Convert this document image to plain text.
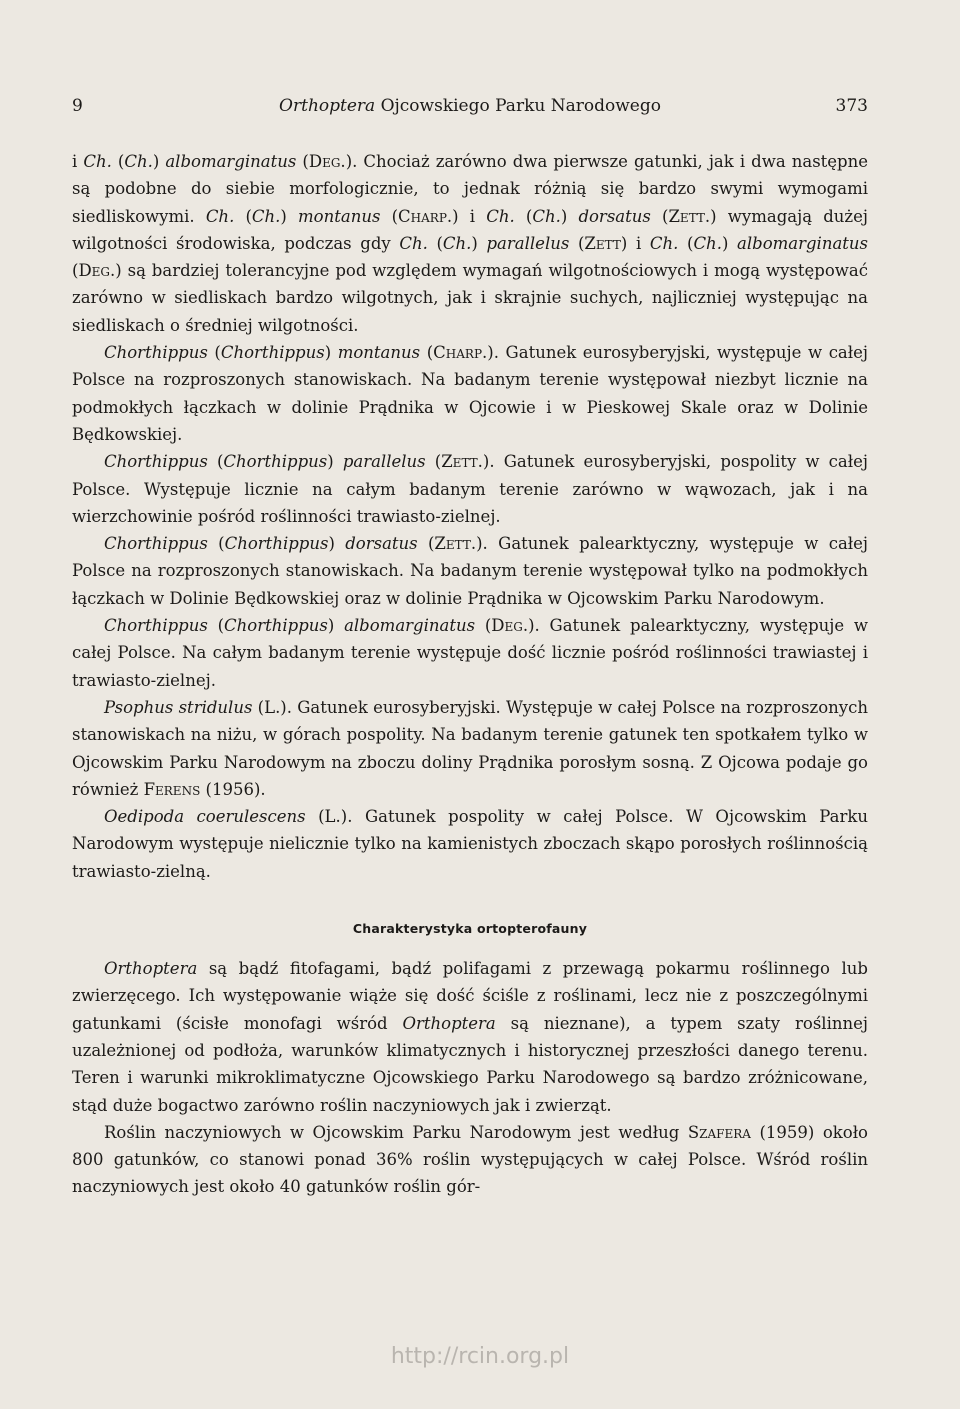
9	Orthoptera Ojcowskiego Parku Narodowego	373

i Ch. (Ch.) albomarginatus (Deg.). Chociaż zarówno dwa pierwsze gatunki, jak i dwa następne są podobne do siebie morfologicznie, to jednak różnią się bardzo swymi wymogami siedliskowymi. Ch. (Ch.) montanus (Charp.) i Ch. (Ch.) dorsatus (Zett.) wymagają dużej wilgotności środowiska, podczas gdy Ch. (Ch.) parallelus (Zett) i Ch. (Ch.) albomarginatus (Deg.) są bardziej tolerancyjne pod względem wymagań wilgotnościowych i mogą występować zarówno w siedliskach bardzo wilgotnych, jak i skrajnie suchych, najliczniej występując na siedliskach o średniej wilgotności.

Chorthippus (Chorthippus) montanus (Charp.). Gatunek eurosyberyjski, występuje w całej Polsce na rozproszonych stanowiskach. Na badanym terenie występował niezbyt licznie na podmokłych łączkach w dolinie Prądnika w Ojcowie i w Pieskowej Skale oraz w Dolinie Będkowskiej.

Chorthippus (Chorthippus) parallelus (Zett.). Gatunek eurosyberyjski, pospolity w całej Polsce. Występuje licznie na całym badanym terenie zarówno w wąwozach, jak i na wierzchowinie pośród roślinności trawiasto-zielnej.

Chorthippus (Chorthippus) dorsatus (Zett.). Gatunek palearktyczny, występuje w całej Polsce na rozproszonych stanowiskach. Na badanym terenie występował tylko na podmokłych łączkach w Dolinie Będkowskiej oraz w dolinie Prądnika w Ojcowskim Parku Narodowym.

Chorthippus (Chorthippus) albomarginatus (Deg.). Gatunek palearktyczny, występuje w całej Polsce. Na całym badanym terenie występuje dość licznie pośród roślinności trawiastej i trawiasto-zielnej.

Psophus stridulus (L.). Gatunek eurosyberyjski. Występuje w całej Polsce na rozproszonych stanowiskach na niżu, w górach pospolity. Na badanym terenie gatunek ten spotkałem tylko w Ojcowskim Parku Narodowym na zboczu doliny Prądnika porosłym sosną. Z Ojcowa podaje go również Ferens (1956).

Oedipoda coerulescens (L.). Gatunek pospolity w całej Polsce. W Ojcowskim Parku Narodowym występuje nielicznie tylko na kamienistych zboczach skąpo porosłych roślinnością trawiasto-zielną.

Charakterystyka ortopterofauny

Orthoptera są bądź fitofagami, bądź polifagami z przewagą pokarmu roślinnego lub zwierzęcego. Ich występowanie wiąże się dość ściśle z roślinami, lecz nie z poszczególnymi gatunkami (ścisłe monofagi wśród Orthoptera są nieznane), a typem szaty roślinnej uzależnionej od podłoża, warunków klimatycznych i historycznej przeszłości danego terenu. Teren i warunki mikroklimatyczne Ojcowskiego Parku Narodowego są bardzo zróżnicowane, stąd duże bogactwo zarówno roślin naczyniowych jak i zwierząt.

Roślin naczyniowych w Ojcowskim Parku Narodowym jest według Szafera (1959) około 800 gatunków, co stanowi ponad 36% roślin występujących w całej Polsce. Wśród roślin naczyniowych jest około 40 gatunków roślin gór-

http://rcin.org.pl
